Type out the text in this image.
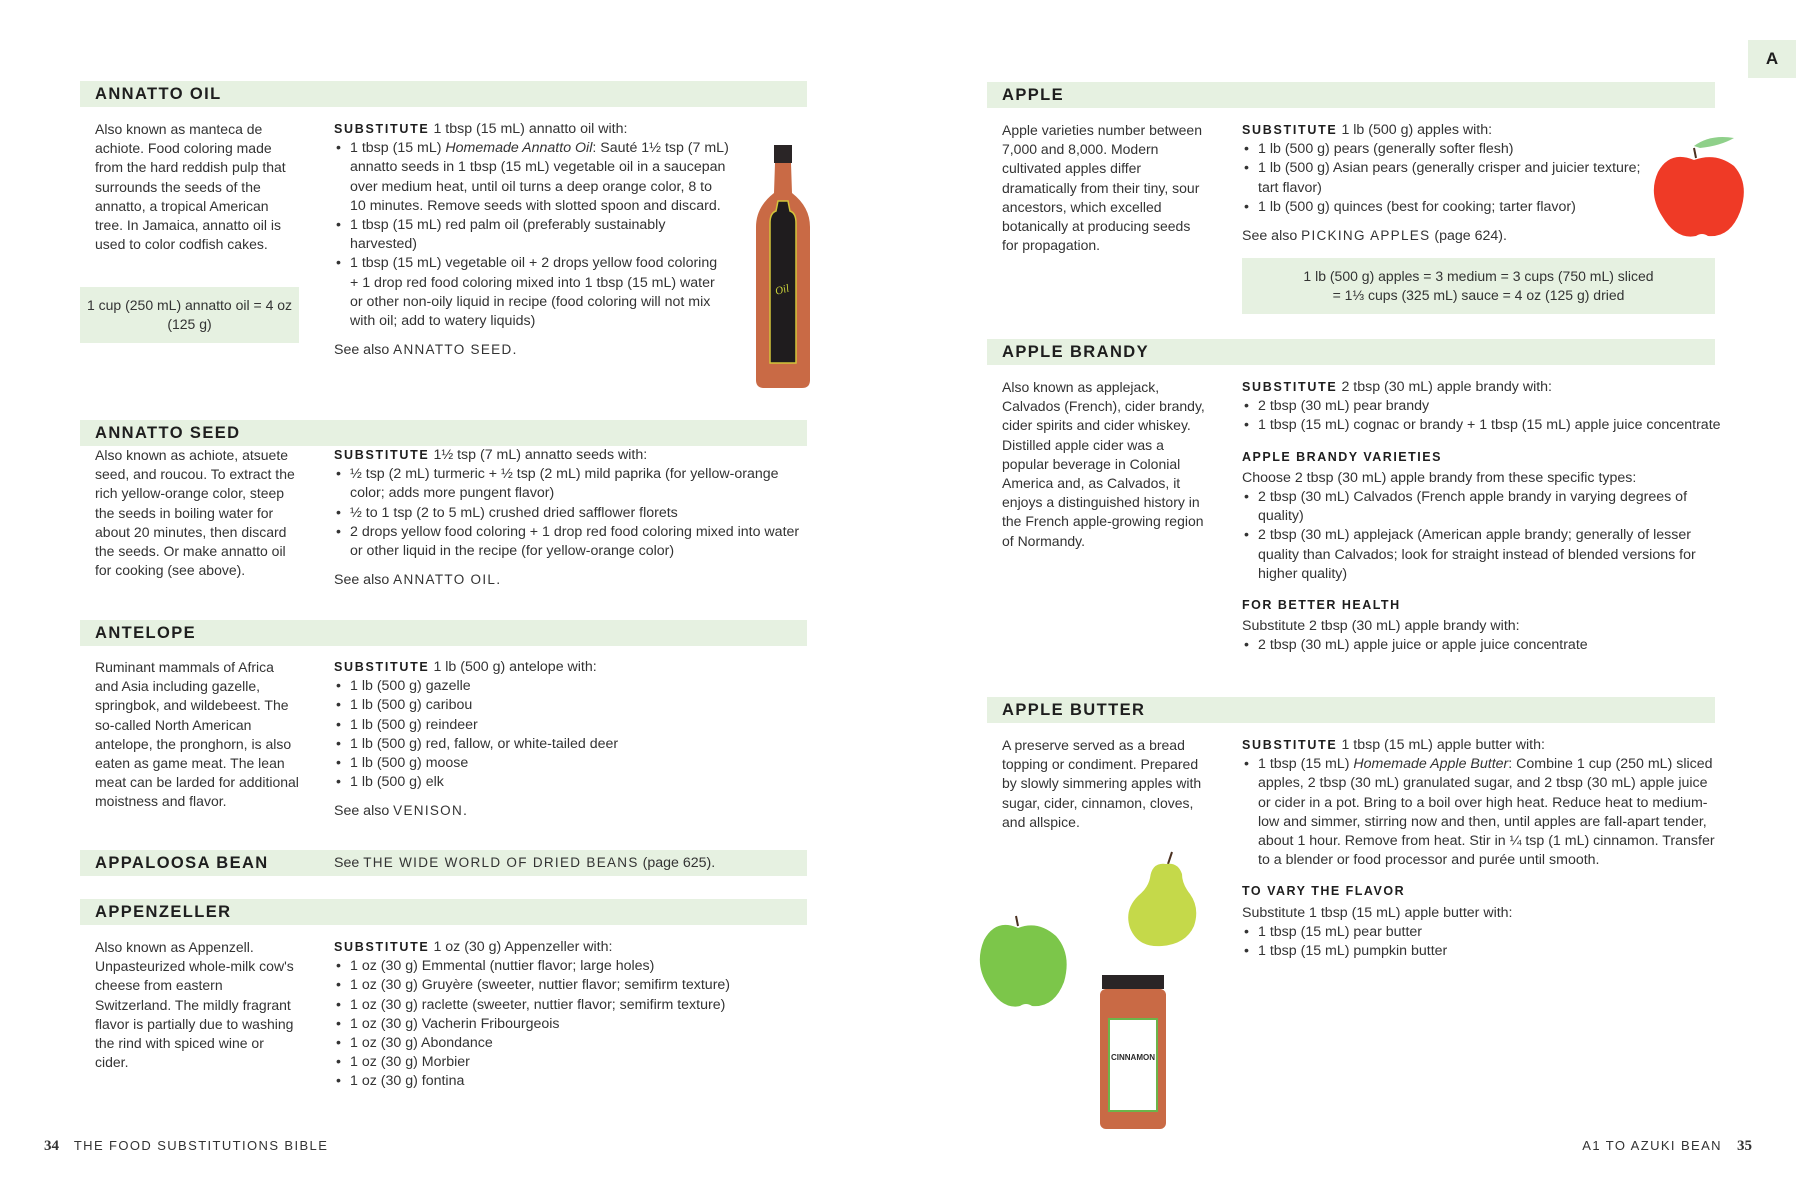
ANNATTO OIL
Also known as manteca de achiote. Food coloring made from the hard reddish pulp that surrounds the seeds of the annatto, a tropical American tree. In Jamaica, annatto oil is used to color codfish cakes.
1 cup (250 mL) annatto oil = 4 oz (125 g)
SUBSTITUTE 1 tbsp (15 mL) annatto oil with:
• 1 tbsp (15 mL) Homemade Annatto Oil: Sauté 1½ tsp (7 mL) annatto seeds in 1 tbsp (15 mL) vegetable oil in a saucepan over medium heat, until oil turns a deep orange color, 8 to 10 minutes. Remove seeds with slotted spoon and discard.
• 1 tbsp (15 mL) red palm oil (preferably sustainably harvested)
• 1 tbsp (15 mL) vegetable oil + 2 drops yellow food coloring + 1 drop red food coloring mixed into 1 tbsp (15 mL) water or other non-oily liquid in recipe (food coloring will not mix with oil; add to watery liquids)
See also ANNATTO SEED.
Oil
ANNATTO SEED
Also known as achiote, atsuete seed, and roucou. To extract the rich yellow-orange color, steep the seeds in boiling water for about 20 minutes, then discard the seeds. Or make annatto oil for cooking (see above).
SUBSTITUTE 1½ tsp (7 mL) annatto seeds with:
• ½ tsp (2 mL) turmeric + ½ tsp (2 mL) mild paprika (for yellow-orange color; adds more pungent flavor)
• ½ to 1 tsp (2 to 5 mL) crushed dried safflower florets
• 2 drops yellow food coloring + 1 drop red food coloring mixed into water or other liquid in the recipe (for yellow-orange color)
See also ANNATTO OIL.
ANTELOPE
Ruminant mammals of Africa and Asia including gazelle, springbok, and wildebeest. The so-called North American antelope, the pronghorn, is also eaten as game meat. The lean meat can be larded for additional moistness and flavor.
SUBSTITUTE 1 lb (500 g) antelope with:
• 1 lb (500 g) gazelle
• 1 lb (500 g) caribou
• 1 lb (500 g) reindeer
• 1 lb (500 g) red, fallow, or white-tailed deer
• 1 lb (500 g) moose
• 1 lb (500 g) elk
See also VENISON.
APPALOOSA BEAN	See THE WIDE WORLD OF DRIED BEANS (page 625).
APPENZELLER
Also known as Appenzell. Unpasteurized whole-milk cow's cheese from eastern Switzerland. The mildly fragrant flavor is partially due to washing the rind with spiced wine or cider.
SUBSTITUTE 1 oz (30 g) Appenzeller with:
• 1 oz (30 g) Emmental (nuttier flavor; large holes)
• 1 oz (30 g) Gruyère (sweeter, nuttier flavor; semifirm texture)
• 1 oz (30 g) raclette (sweeter, nuttier flavor; semifirm texture)
• 1 oz (30 g) Vacherin Fribourgeois
• 1 oz (30 g) Abondance
• 1 oz (30 g) Morbier
• 1 oz (30 g) fontina
34 THE FOOD SUBSTITUTIONS BIBLE
A
APPLE
Apple varieties number between 7,000 and 8,000. Modern cultivated apples differ dramatically from their tiny, sour ancestors, which excelled botanically at producing seeds for propagation.
SUBSTITUTE 1 lb (500 g) apples with:
• 1 lb (500 g) pears (generally softer flesh)
• 1 lb (500 g) Asian pears (generally crisper and juicier texture; tart flavor)
• 1 lb (500 g) quinces (best for cooking; tarter flavor)
See also PICKING APPLES (page 624).
1 lb (500 g) apples = 3 medium = 3 cups (750 mL) sliced
= 1⅓ cups (325 mL) sauce = 4 oz (125 g) dried
APPLE BRANDY
Also known as applejack, Calvados (French), cider brandy, cider spirits and cider whiskey. Distilled apple cider was a popular beverage in Colonial America and, as Calvados, it enjoys a distinguished history in the French apple-growing region of Normandy.
SUBSTITUTE 2 tbsp (30 mL) apple brandy with:
• 2 tbsp (30 mL) pear brandy
• 1 tbsp (15 mL) cognac or brandy + 1 tbsp (15 mL) apple juice concentrate
APPLE BRANDY VARIETIES
Choose 2 tbsp (30 mL) apple brandy from these specific types:
• 2 tbsp (30 mL) Calvados (French apple brandy in varying degrees of quality)
• 2 tbsp (30 mL) applejack (American apple brandy; generally of lesser quality than Calvados; look for straight instead of blended versions for higher quality)
FOR BETTER HEALTH
Substitute 2 tbsp (30 mL) apple brandy with:
• 2 tbsp (30 mL) apple juice or apple juice concentrate
APPLE BUTTER
A preserve served as a bread topping or condiment. Prepared by slowly simmering apples with sugar, cider, cinnamon, cloves, and allspice.
SUBSTITUTE 1 tbsp (15 mL) apple butter with:
• 1 tbsp (15 mL) Homemade Apple Butter: Combine 1 cup (250 mL) sliced apples, 2 tbsp (30 mL) granulated sugar, and 2 tbsp (30 mL) apple juice or cider in a pot. Bring to a boil over high heat. Reduce heat to medium-low and simmer, stirring now and then, until apples are fall-apart tender, about 1 hour. Remove from heat. Stir in ¼ tsp (1 mL) cinnamon. Transfer to a blender or food processor and purée until smooth.
TO VARY THE FLAVOR
Substitute 1 tbsp (15 mL) apple butter with:
• 1 tbsp (15 mL) pear butter
• 1 tbsp (15 mL) pumpkin butter
CINNAMON
A1 TO AZUKI BEAN 35
